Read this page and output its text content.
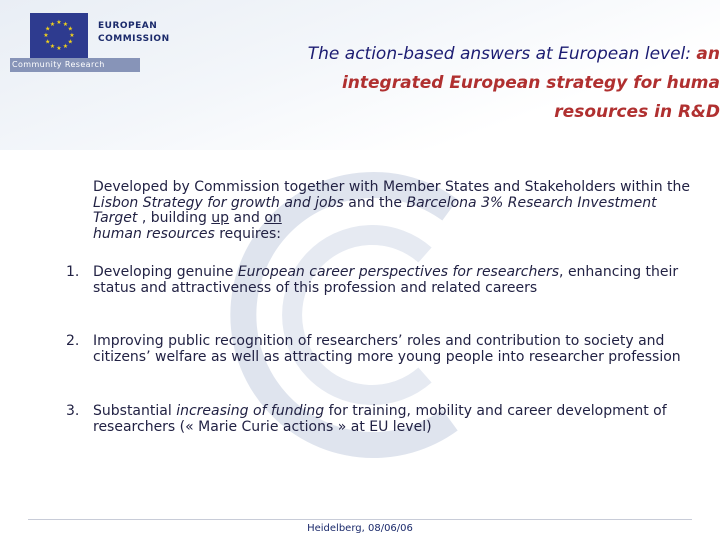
★ ★
★
★
★
★
★
★
★
★
★
★	EUROPEAN
COMMISSION
Community Research
The action-based answers at European level: an
integrated European strategy for huma
resources in R&D
Developed by Commission together with Member States and Stakeholders within the Lisbon Strategy for growth and jobs and the Barcelona 3% Research Investment Target , building up and on
human resources requires:
1. Developing genuine European career perspectives for researchers, enhancing their status and attractiveness of this profession and related careers
2. Improving public recognition of researchers’ roles and contribution to society and citizens’ welfare as well as attracting more young people into researcher profession
3. Substantial increasing of funding for training, mobility and career development of researchers (« Marie Curie actions » at EU level)
Heidelberg, 08/06/06
